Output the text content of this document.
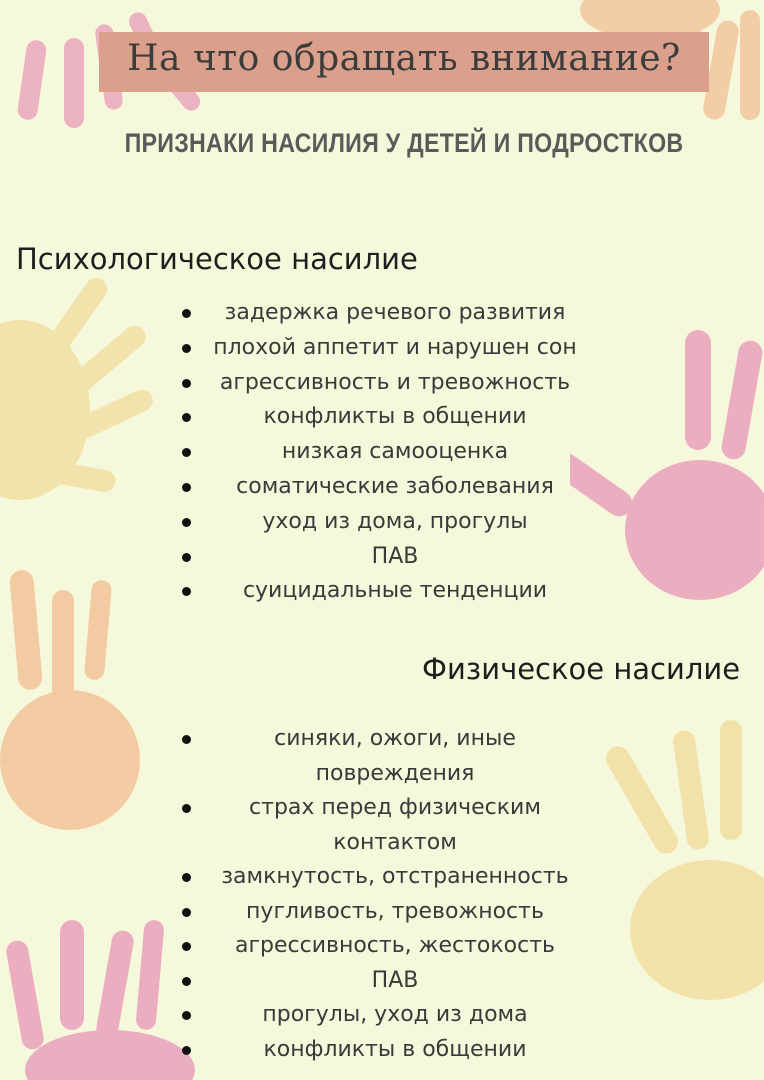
На что обращать внимание?
ПРИЗНАКИ НАСИЛИЯ У ДЕТЕЙ И ПОДРОСТКОВ
Психологическое насилие
задержка речевого развития
плохой аппетит и нарушен сон
агрессивность и тревожность
конфликты в общении
низкая самооценка
соматические заболевания
уход из дома, прогулы
ПАВ
суицидальные тенденции
Физическое насилие
синяки, ожоги, иные повреждения
страх перед физическим контактом
замкнутость, отстраненность
пугливость, тревожность
агрессивность, жестокость
ПАВ
прогулы, уход из дома
конфликты в общении
